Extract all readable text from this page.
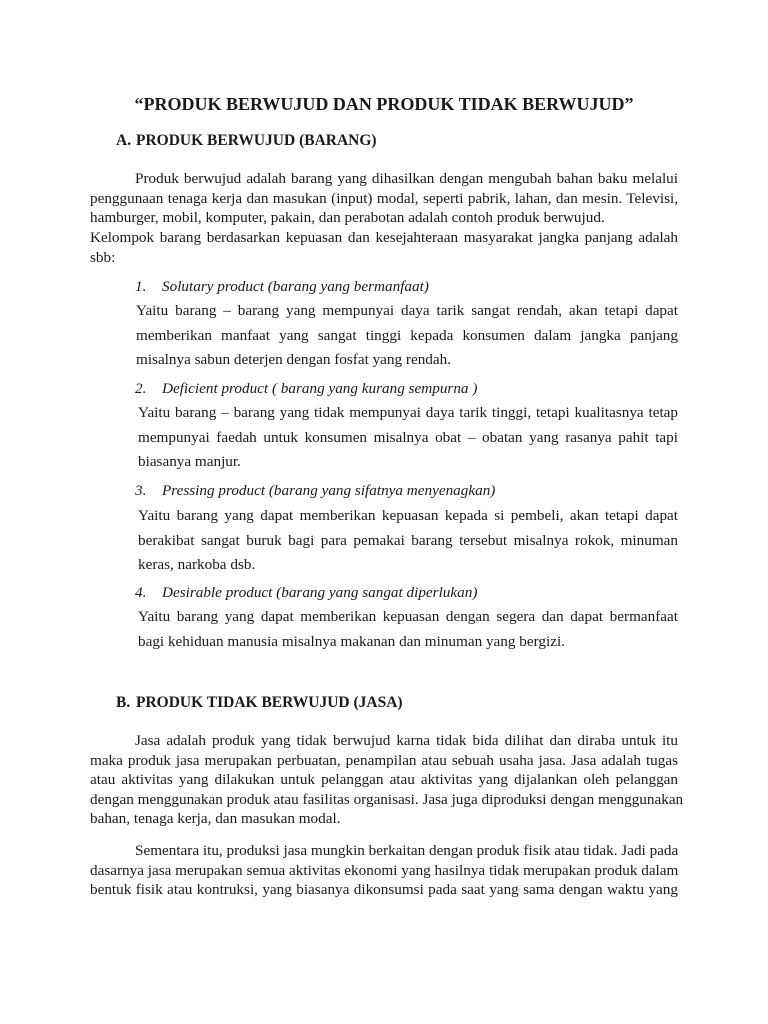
“PRODUK BERWUJUD DAN PRODUK TIDAK BERWUJUD”
A. PRODUK BERWUJUD (BARANG)
Produk berwujud adalah barang yang dihasilkan dengan mengubah bahan baku melalui
penggunaan tenaga kerja dan masukan (input) modal, seperti pabrik, lahan, dan mesin. Televisi,
hamburger, mobil, komputer, pakain, dan perabotan adalah contoh produk berwujud.
Kelompok barang berdasarkan kepuasan dan kesejahteraan masyarakat jangka panjang adalah
sbb:
1. Solutary product (barang yang bermanfaat)
Yaitu barang – barang yang mempunyai daya tarik sangat rendah, akan tetapi dapat
memberikan manfaat yang sangat tinggi kepada konsumen dalam jangka panjang
misalnya sabun deterjen dengan fosfat yang rendah.
2. Deficient product ( barang yang kurang sempurna )
Yaitu barang – barang yang tidak mempunyai daya tarik tinggi, tetapi kualitasnya tetap
mempunyai faedah untuk konsumen misalnya obat – obatan yang rasanya pahit tapi
biasanya manjur.
3. Pressing product (barang yang sifatnya menyenagkan)
Yaitu barang yang dapat memberikan kepuasan kepada si pembeli, akan tetapi dapat
berakibat sangat buruk bagi para pemakai barang tersebut misalnya rokok, minuman
keras, narkoba dsb.
4. Desirable product (barang yang sangat diperlukan)
Yaitu barang yang dapat memberikan kepuasan dengan segera dan dapat bermanfaat
bagi kehiduan manusia misalnya makanan dan minuman yang bergizi.
B. PRODUK TIDAK BERWUJUD (JASA)
Jasa adalah produk yang tidak berwujud karna tidak bida dilihat dan diraba untuk itu
maka produk jasa merupakan perbuatan, penampilan atau sebuah usaha jasa. Jasa adalah tugas
atau aktivitas yang dilakukan untuk pelanggan atau aktivitas yang dijalankan oleh pelanggan
dengan menggunakan produk atau fasilitas organisasi. Jasa juga diproduksi dengan menggunakan
bahan, tenaga kerja, dan masukan modal.
Sementara itu, produksi jasa mungkin berkaitan dengan produk fisik atau tidak. Jadi pada
dasarnya jasa merupakan semua aktivitas ekonomi yang hasilnya tidak merupakan produk dalam
bentuk fisik atau kontruksi, yang biasanya dikonsumsi pada saat yang sama dengan waktu yang
